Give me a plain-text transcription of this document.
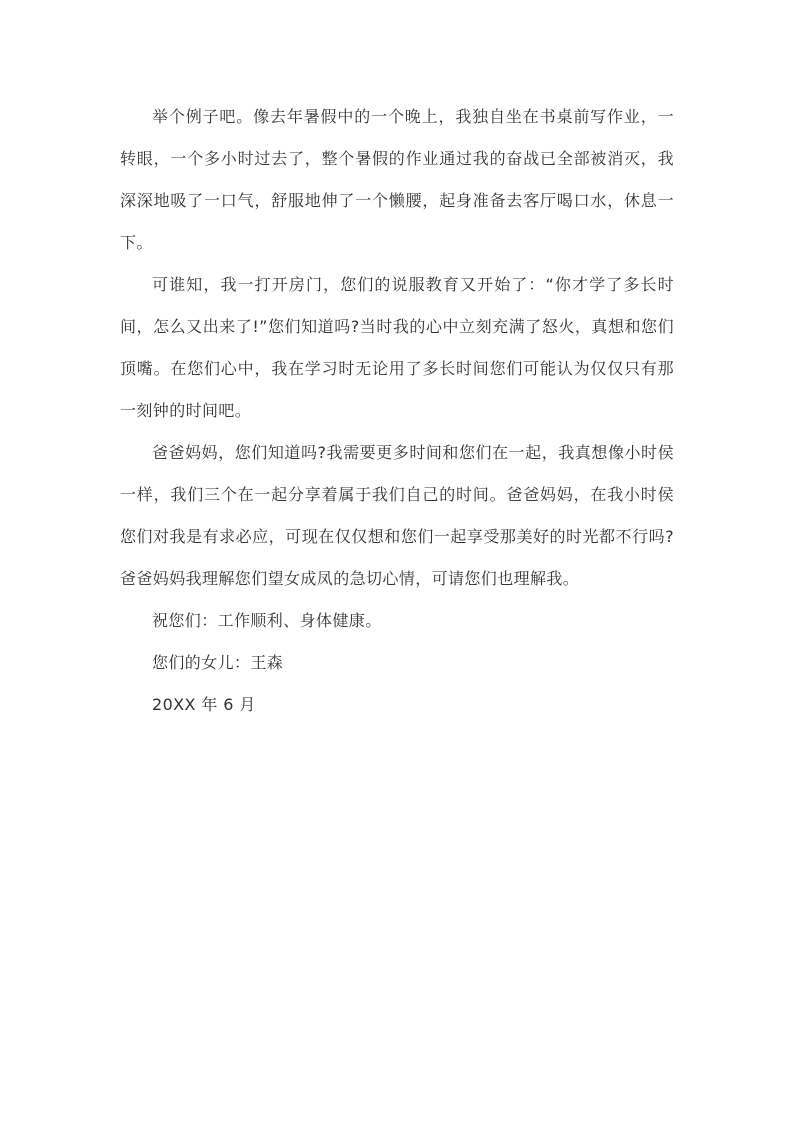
举个例子吧。像去年暑假中的一个晚上，我独自坐在书桌前写作业，一转眼，一个多小时过去了，整个暑假的作业通过我的奋战已全部被消灭，我深深地吸了一口气，舒服地伸了一个懒腰，起身准备去客厅喝口水，休息一下。

可谁知，我一打开房门，您们的说服教育又开始了：“你才学了多长时间，怎么又出来了!”您们知道吗?当时我的心中立刻充满了怒火，真想和您们顶嘴。在您们心中，我在学习时无论用了多长时间您们可能认为仅仅只有那一刻钟的时间吧。

爸爸妈妈，您们知道吗?我需要更多时间和您们在一起，我真想像小时侯一样，我们三个在一起分享着属于我们自己的时间。爸爸妈妈，在我小时侯您们对我是有求必应，可现在仅仅想和您们一起享受那美好的时光都不行吗?爸爸妈妈我理解您们望女成凤的急切心情，可请您们也理解我。

祝您们：工作顺利、身体健康。

您们的女儿：王森

20XX 年 6 月
